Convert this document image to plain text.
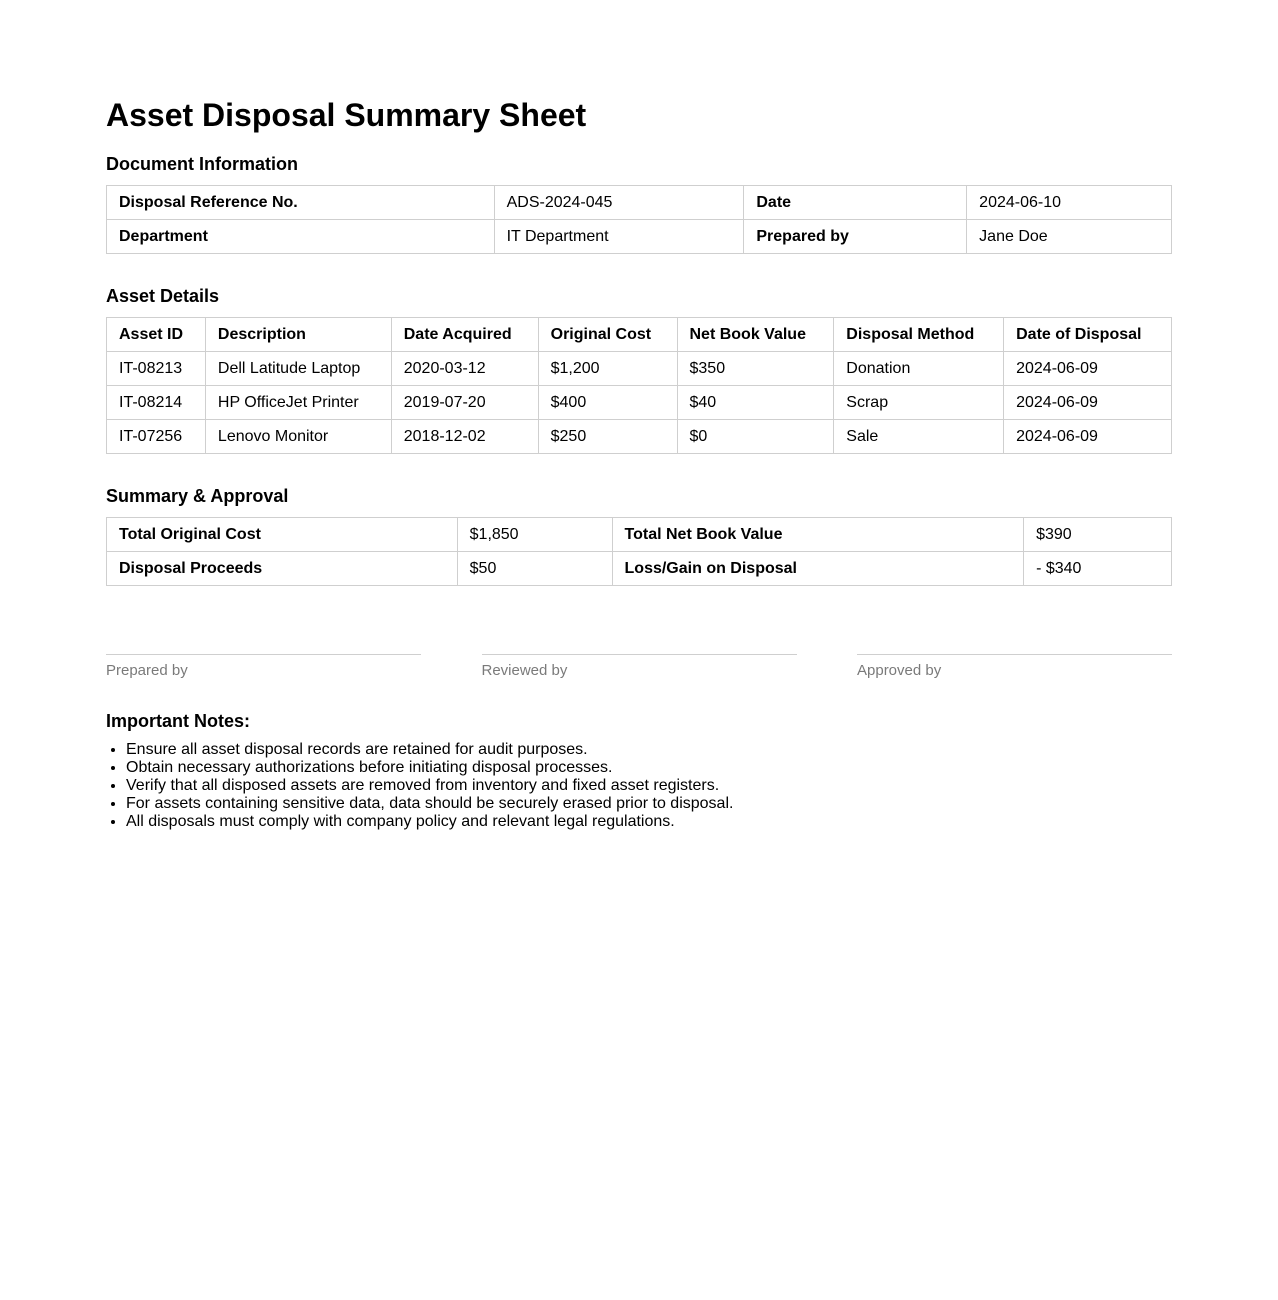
Asset Disposal Summary Sheet
Document Information
Disposal Reference No.	ADS-2024-045	Date	2024-06-10
Department	IT Department	Prepared by	Jane Doe
Asset Details
Asset ID	Description	Date Acquired	Original Cost	Net Book Value	Disposal Method	Date of Disposal
IT-08213	Dell Latitude Laptop	2020-03-12	$1,200	$350	Donation	2024-06-09
IT-08214	HP OfficeJet Printer	2019-07-20	$400	$40	Scrap	2024-06-09
IT-07256	Lenovo Monitor	2018-12-02	$250	$0	Sale	2024-06-09
Summary & Approval
Total Original Cost	$1,850	Total Net Book Value	$390
Disposal Proceeds	$50	Loss/Gain on Disposal	- $340
Prepared by	Reviewed by	Approved by
Important Notes:
• Ensure all asset disposal records are retained for audit purposes.
• Obtain necessary authorizations before initiating disposal processes.
• Verify that all disposed assets are removed from inventory and fixed asset registers.
• For assets containing sensitive data, data should be securely erased prior to disposal.
• All disposals must comply with company policy and relevant legal regulations.
